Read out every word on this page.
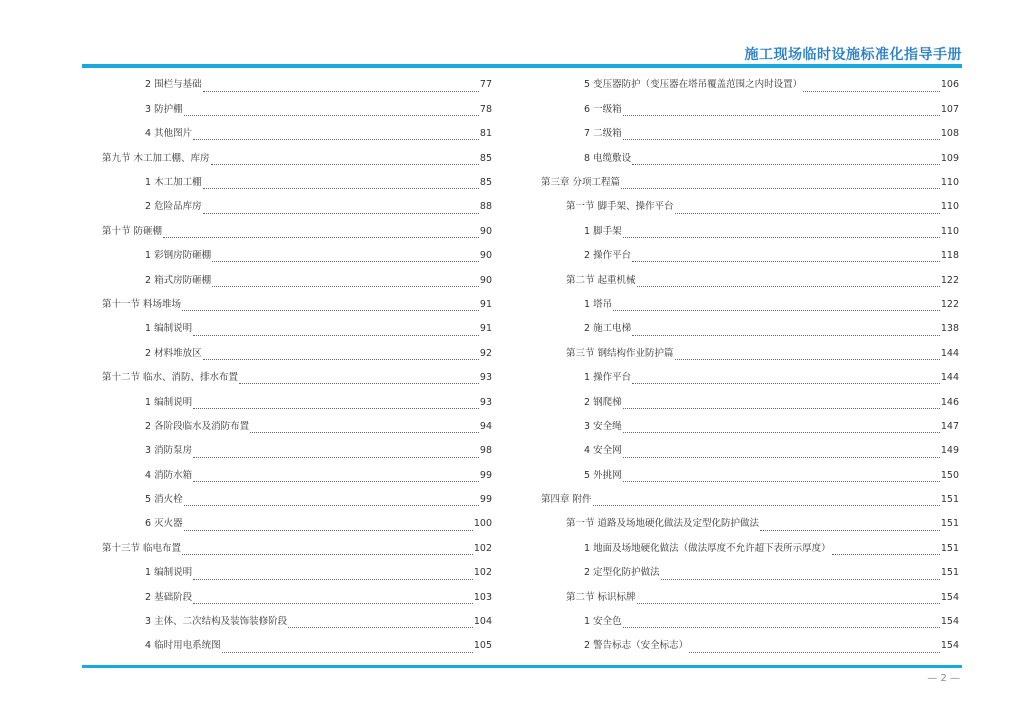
施工现场临时设施标准化指导手册
2 围栏与基础	77
3 防护棚	78
4 其他图片	81
第九节 木工加工棚、库房	85
1 木工加工棚	85
2 危险品库房	88
第十节 防砸棚	90
1 彩钢房防砸棚	90
2 箱式房防砸棚	90
第十一节 料场堆场	91
1 编制说明	91
2 材料堆放区	92
第十二节 临水、消防、排水布置	93
1 编制说明	93
2 各阶段临水及消防布置	94
3 消防泵房	98
4 消防水箱	99
5 消火栓	99
6 灭火器	100
第十三节 临电布置	102
1 编制说明	102
2 基础阶段	103
3 主体、二次结构及装饰装修阶段	104
4 临时用电系统图	105
5 变压器防护（变压器在塔吊覆盖范围之内时设置）	106
6 一级箱	107
7 二级箱	108
8 电缆敷设	109
第三章 分项工程篇	110
第一节 脚手架、操作平台	110
1 脚手架	110
2 操作平台	118
第二节 起重机械	122
1 塔吊	122
2 施工电梯	138
第三节 钢结构作业防护篇	144
1 操作平台	144
2 钢爬梯	146
3 安全绳	147
4 安全网	149
5 外挑网	150
第四章 附件	151
第一节 道路及场地硬化做法及定型化防护做法	151
1 地面及场地硬化做法（做法厚度不允许超下表所示厚度）	151
2 定型化防护做法	151
第二节 标识标牌	154
1 安全色	154
2 警告标志（安全标志）	154
— 2 —
